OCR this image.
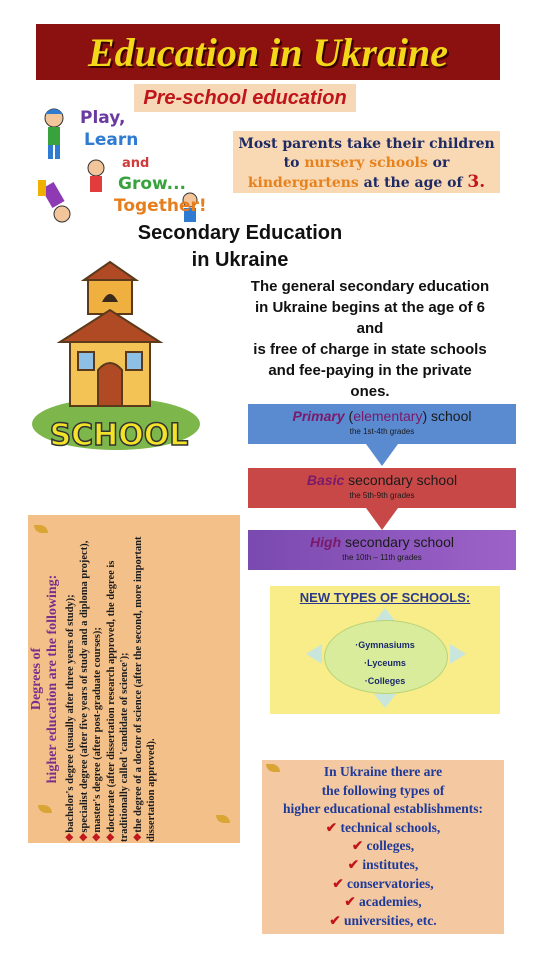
Education in Ukraine
Pre-school education
Play,
Learn
and
Grow...
Together!
Most parents take their children
to nursery schools or
kindergartens at the age of 3.
Secondary Education
in Ukraine
SCHOOL
The general secondary education
in Ukraine begins at the age of 6
and
is free of charge in state schools
and fee-paying in the private
ones.
Primary (elementary) school
the 1st-4th grades
Basic secondary school
the 5th-9th grades
High secondary school
the 10th – 11th grades
Degrees of higher education are the following:
❖bachelor's degree (usually after three years of study);
❖specialist degree (after five years of study and a diploma project),
❖master's degree (after post-graduate courses);
❖doctorate (after dissertation research approved, the degree is traditionally called 'candidate of science'); ❖the degree of a doctor of science (after the second, more important dissertation approved).
NEW TYPES OF SCHOOLS:
·Gymnasiums
·Lyceums
·Colleges
In Ukraine there are
the following types of
higher educational establishments:
✔ technical schools,
✔ colleges,
✔ institutes,
✔ conservatories,
✔ academies,
✔ universities, etc.
